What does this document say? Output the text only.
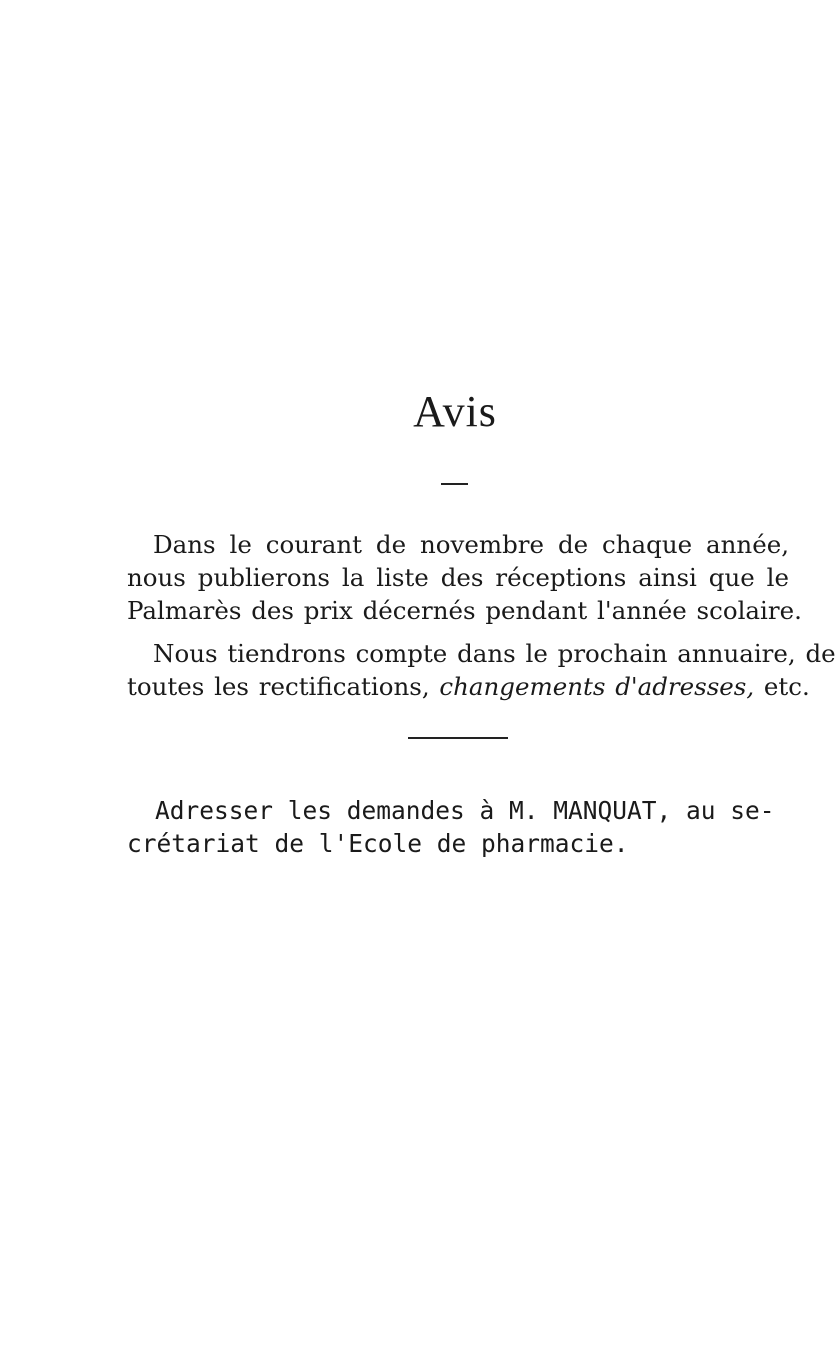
Avis
Dans le courant de novembre de chaque année,
nous publierons la liste des réceptions ainsi que le
Palmarès des prix décernés pendant l'année scolaire.
Nous tiendrons compte dans le prochain annuaire, de
toutes les rectifications, changements d'adresses, etc.
Adresser les demandes à M. MANQUAT, au se-
crétariat de l'Ecole de pharmacie.
